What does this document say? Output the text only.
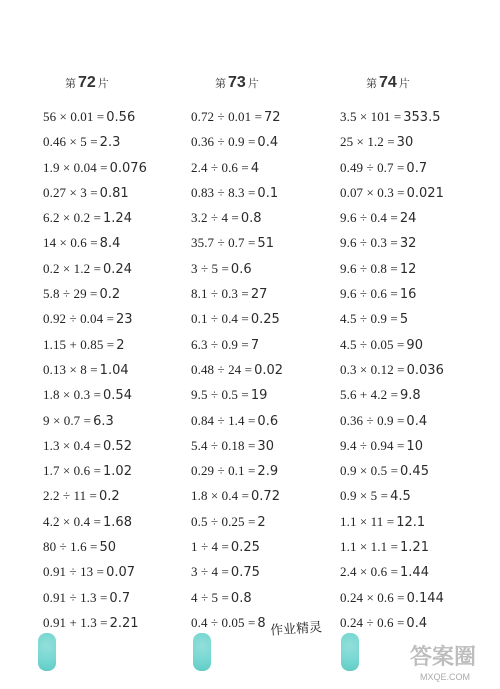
第 72 片
56 × 0.01 = 0.56
0.46 × 5 = 2.3
1.9 × 0.04 = 0.076
0.27 × 3 = 0.81
6.2 × 0.2 = 1.24
14 × 0.6 = 8.4
0.2 × 1.2 = 0.24
5.8 ÷ 29 = 0.2
0.92 ÷ 0.04 = 23
1.15 + 0.85 = 2
0.13 × 8 = 1.04
1.8 × 0.3 = 0.54
9 × 0.7 = 6.3
1.3 × 0.4 = 0.52
1.7 × 0.6 = 1.02
2.2 ÷ 11 = 0.2
4.2 × 0.4 = 1.68
80 ÷ 1.6 = 50
0.91 ÷ 13 = 0.07
0.91 ÷ 1.3 = 0.7
0.91 + 1.3 = 2.21
第 73 片
0.72 ÷ 0.01 = 72
0.36 ÷ 0.9 = 0.4
2.4 ÷ 0.6 = 4
0.83 ÷ 8.3 = 0.1
3.2 ÷ 4 = 0.8
35.7 ÷ 0.7 = 51
3 ÷ 5 = 0.6
8.1 ÷ 0.3 = 27
0.1 ÷ 0.4 = 0.25
6.3 ÷ 0.9 = 7
0.48 ÷ 24 = 0.02
9.5 ÷ 0.5 = 19
0.84 ÷ 1.4 = 0.6
5.4 ÷ 0.18 = 30
0.29 ÷ 0.1 = 2.9
1.8 × 0.4 = 0.72
0.5 ÷ 0.25 = 2
1 ÷ 4 = 0.25
3 ÷ 4 = 0.75
4 ÷ 5 = 0.8
0.4 ÷ 0.05 = 8
第 74 片
3.5 × 101 = 353.5
25 × 1.2 = 30
0.49 ÷ 0.7 = 0.7
0.07 × 0.3 = 0.021
9.6 ÷ 0.4 = 24
9.6 ÷ 0.3 = 32
9.6 ÷ 0.8 = 12
9.6 ÷ 0.6 = 16
4.5 ÷ 0.9 = 5
4.5 ÷ 0.05 = 90
0.3 × 0.12 = 0.036
5.6 + 4.2 = 9.8
0.36 ÷ 0.9 = 0.4
9.4 ÷ 0.94 = 10
0.9 × 0.5 = 0.45
0.9 × 5 = 4.5
1.1 × 11 = 12.1
1.1 × 1.1 = 1.21
2.4 × 0.6 = 1.44
0.24 × 0.6 = 0.144
0.24 ÷ 0.6 = 0.4
作业精灵
答案圈
MXQE.COM
